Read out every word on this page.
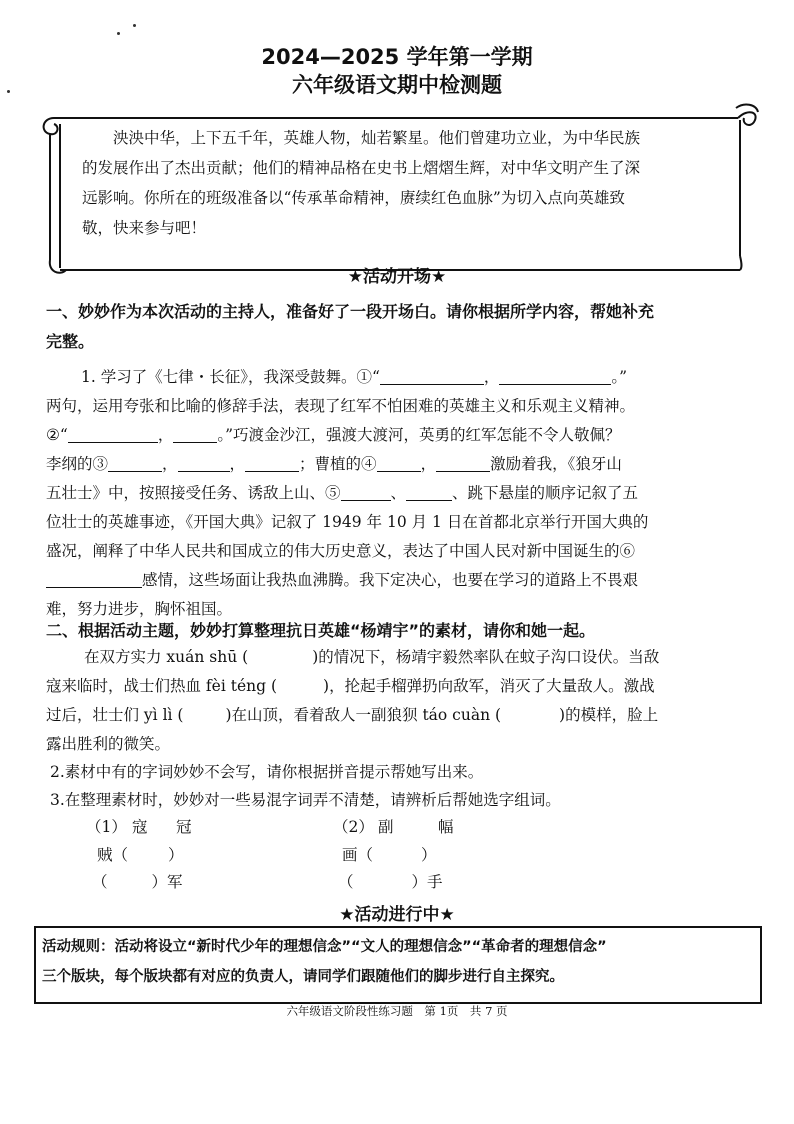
2024—2025 学年第一学期
六年级语文期中检测题
泱泱中华，上下五千年，英雄人物，灿若繁星。他们曾建功立业，为中华民族
的发展作出了杰出贡献；他们的精神品格在史书上熠熠生辉，对中华文明产生了深
远影响。你所在的班级准备以“传承革命精神，赓续红色血脉”为切入点向英雄致
敬，快来参与吧！
★活动开场★
一、妙妙作为本次活动的主持人，准备好了一段开场白。请你根据所学内容，帮她补充
完整。
1. 学习了《七律・长征》，我深受鼓舞。①“	，	。”
两句，运用夸张和比喻的修辞手法，表现了红军不怕困难的英雄主义和乐观主义精神。
②“	，	。”巧渡金沙江，强渡大渡河，英勇的红军怎能不令人敬佩？
李纲的③	，	，	；曹植的④	，	激励着我，《狼牙山
五壮士》中，按照接受任务、诱敌上山、⑤	、	、跳下悬崖的顺序记叙了五
位壮士的英雄事迹，《开国大典》记叙了 1949 年 10 月 1 日在首都北京举行开国大典的
盛况，阐释了中华人民共和国成立的伟大历史意义，表达了中国人民对新中国诞生的⑥
感情，这些场面让我热血沸腾。我下定决心，也要在学习的道路上不畏艰
难，努力进步，胸怀祖国。
二、根据活动主题，妙妙打算整理抗日英雄“杨靖宇”的素材，请你和她一起。
在双方实力 xuán shū (	)的情况下，杨靖宇毅然率队在蚊子沟口设伏。当敌
寇来临时，战士们热血 fèi téng (	)，抡起手榴弹扔向敌军，消灭了大量敌人。激战
过后，壮士们 yì lì (	)在山顶，看着敌人一副狼狈 táo cuàn (	)的模样，脸上
露出胜利的微笑。
2.素材中有的字词妙妙不会写，请你根据拼音提示帮她写出来。
3.在整理素材时，妙妙对一些易混字词弄不清楚，请辨析后帮她选字组词。
（1） 寇 冠
贼（	）
（	）军
（2） 副	幅
画（	）
（	）手
★活动进行中★
活动规则：活动将设立“新时代少年的理想信念”“文人的理想信念”“革命者的理想信念”
三个版块，每个版块都有对应的负责人，请同学们跟随他们的脚步进行自主探究。
六年级语文阶段性练习题　第 1页　共 7 页
